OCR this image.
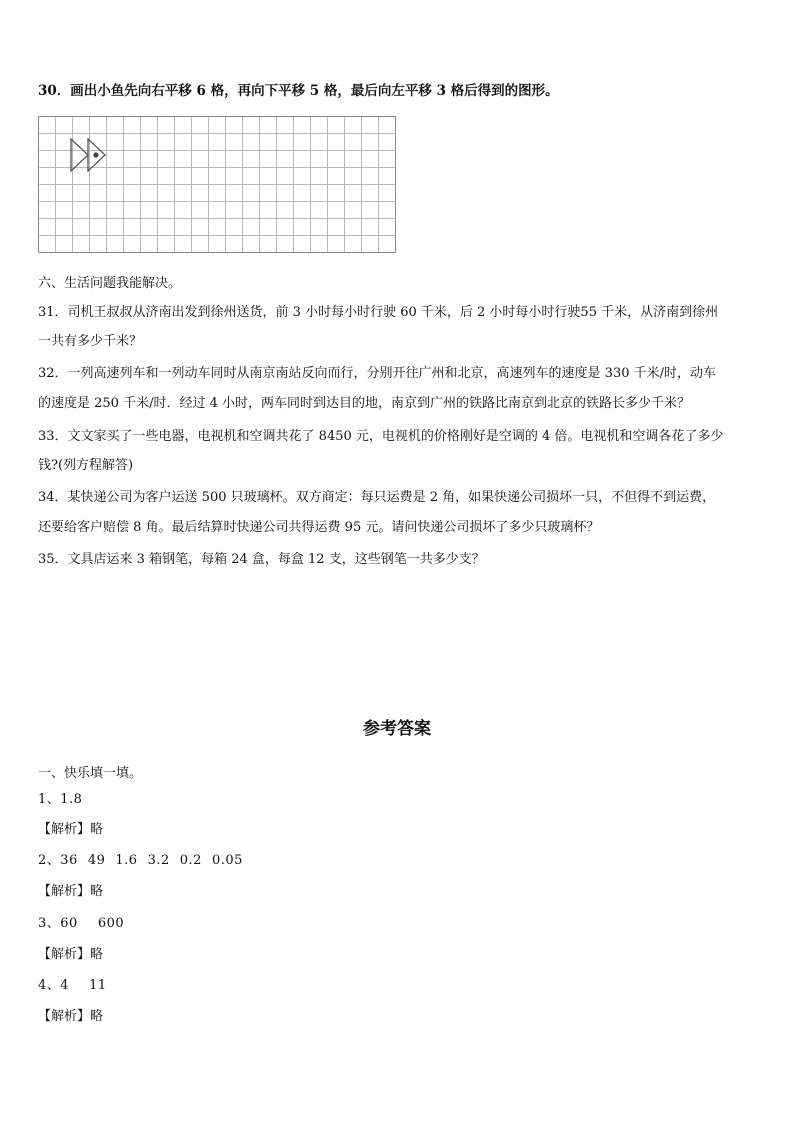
30．画出小鱼先向右平移 6 格，再向下平移 5 格，最后向左平移 3 格后得到的图形。
六、生活问题我能解决。
31．司机王叔叔从济南出发到徐州送货，前 3 小时每小时行驶 60 千米，后 2 小时每小时行驶55 千米，从济南到徐州
一共有多少千米？
32．一列高速列车和一列动车同时从南京南站反向而行，分别开往广州和北京，高速列车的速度是 330 千米/时，动车
的速度是 250 千米/时．经过 4 小时，两车同时到达目的地，南京到广州的铁路比南京到北京的铁路长多少千米？
33．文文家买了一些电器，电视机和空调共花了 8450 元，电视机的价格刚好是空调的 4 倍。电视机和空调各花了多少
钱?(列方程解答)
34．某快递公司为客户运送 500 只玻璃杯。双方商定：每只运费是 2 角，如果快递公司损坏一只，不但得不到运费，
还要给客户赔偿 8 角。最后结算时快递公司共得运费 95 元。请问快递公司损坏了多少只玻璃杯？
35．文具店运来 3 箱钢笔，每箱 24 盒，每盒 12 支，这些钢笔一共多少支？
参考答案
一、快乐填一填。
1、1.8
【解析】略
2、36 49 1.6 3.2 0.2 0.05
【解析】略
3、60 600
【解析】略
4、4 11
【解析】略
